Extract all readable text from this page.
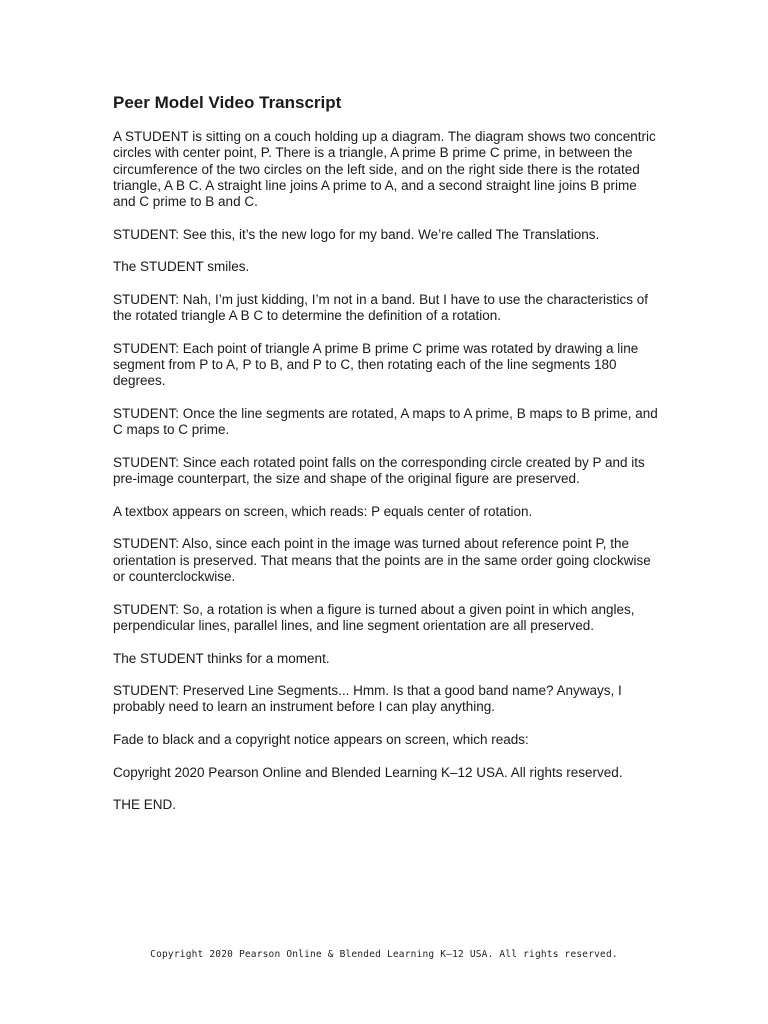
Peer Model Video Transcript

A STUDENT is sitting on a couch holding up a diagram. The diagram shows two concentric circles with center point, P. There is a triangle, A prime B prime C prime, in between the circumference of the two circles on the left side, and on the right side there is the rotated triangle, A B C. A straight line joins A prime to A, and a second straight line joins B prime and C prime to B and C.

STUDENT: See this, it’s the new logo for my band. We’re called The Translations.

The STUDENT smiles.

STUDENT: Nah, I’m just kidding, I’m not in a band. But I have to use the characteristics of the rotated triangle A B C to determine the definition of a rotation.

STUDENT: Each point of triangle A prime B prime C prime was rotated by drawing a line segment from P to A, P to B, and P to C, then rotating each of the line segments 180 degrees.

STUDENT: Once the line segments are rotated, A maps to A prime, B maps to B prime, and C maps to C prime.

STUDENT: Since each rotated point falls on the corresponding circle created by P and its pre-image counterpart, the size and shape of the original figure are preserved.

A textbox appears on screen, which reads: P equals center of rotation.

STUDENT: Also, since each point in the image was turned about reference point P, the orientation is preserved. That means that the points are in the same order going clockwise or counterclockwise.

STUDENT: So, a rotation is when a figure is turned about a given point in which angles, perpendicular lines, parallel lines, and line segment orientation are all preserved.

The STUDENT thinks for a moment.

STUDENT: Preserved Line Segments... Hmm. Is that a good band name? Anyways, I probably need to learn an instrument before I can play anything.

Fade to black and a copyright notice appears on screen, which reads:

Copyright 2020 Pearson Online and Blended Learning K–12 USA. All rights reserved.

THE END.

Copyright 2020 Pearson Online & Blended Learning K–12 USA. All rights reserved.
